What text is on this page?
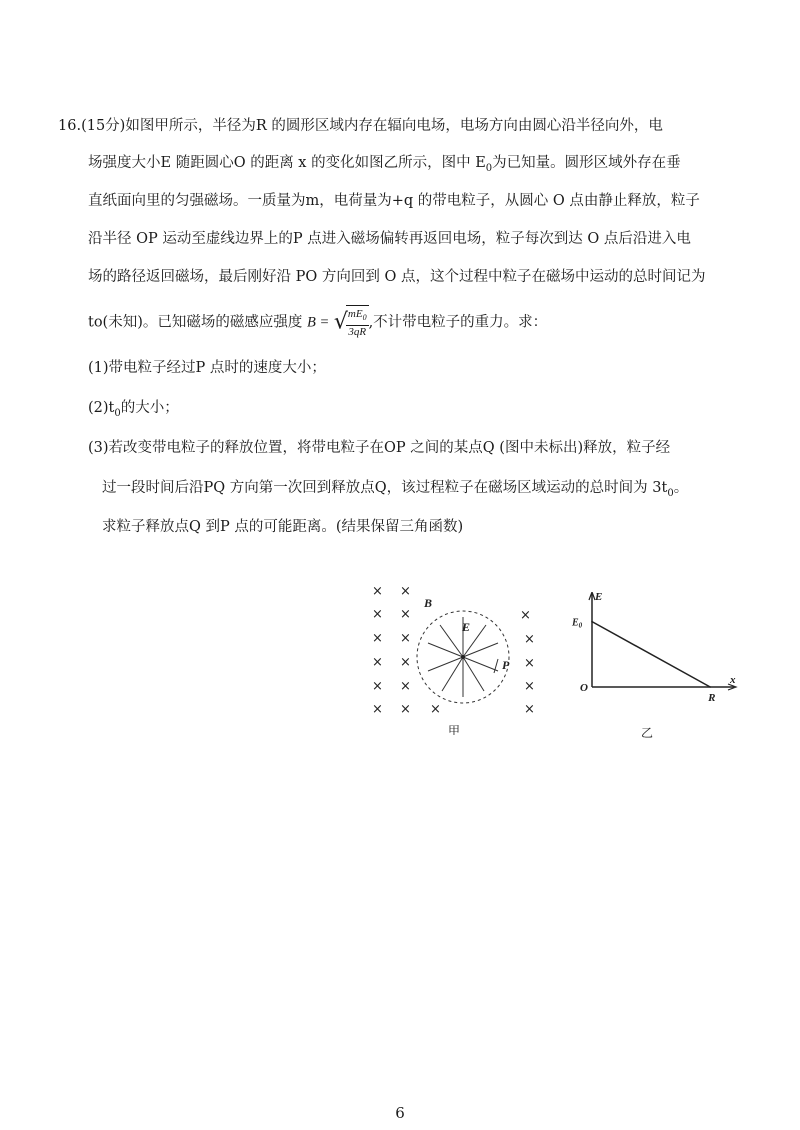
16.(15分)如图甲所示，半径为R 的圆形区域内存在辐向电场，电场方向由圆心沿半径向外，电
场强度大小E 随距圆心O 的距离 x 的变化如图乙所示，图中 $E_0$为已知量。圆形区域外存在垂
直纸面向里的匀强磁场。一质量为m，电荷量为+q 的带电粒子，从圆心 O 点由静止释放，粒子
沿半径 OP 运动至虚线边界上的P 点进入磁场偏转再返回电场，粒子每次到达 O 点后沿进入电
场的路径返回磁场，最后刚好沿 PO 方向回到 O 点，这个过程中粒子在磁场中运动的总时间记为
to(未知)。已知磁场的磁感应强度 B = √
$\frac{mE_0}{3qR}$ ,不计带电粒子的重力。求：
(1)带电粒子经过P 点时的速度大小；
$(2)t_0$的大小；
(3)若改变带电粒子的释放位置，将带电粒子在OP 之间的某点Q (图中未标出)释放，粒子经
过一段时间后沿PQ 方向第一次回到释放点Q，该过程粒子在磁场区域运动的总时间为 $3t_0$。
求粒子释放点Q 到P 点的可能距离。(结果保留三角函数)
× ×
× ×
× ×
× ×
× ×
× × ×
×
×
×
×
×
E
B
P
甲
E
x
O
R
$E_0$
乙
6
